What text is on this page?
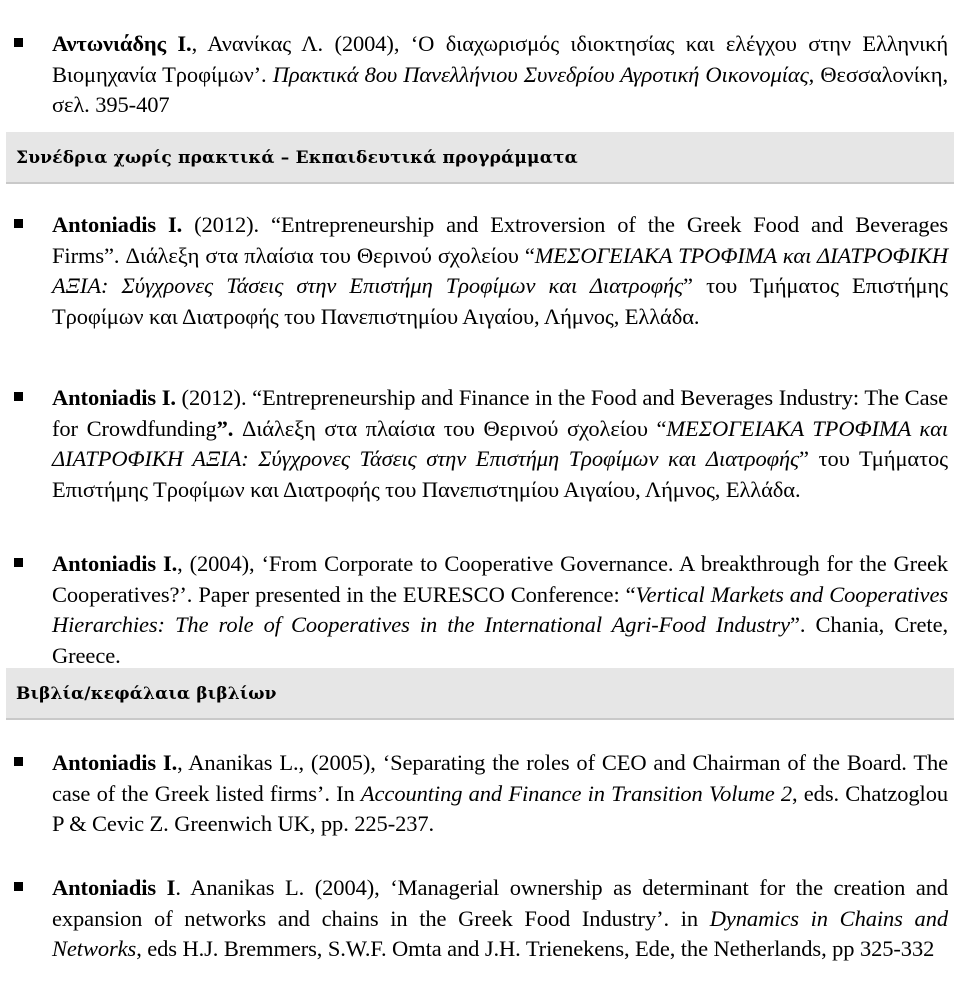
Αντωνιάδης Ι., Ανανίκας Λ. (2004), ‘Ο διαχωρισμός ιδιοκτησίας και ελέγχου στην Ελληνική Βιομηχανία Τροφίμων’. Πρακτικά 8ου Πανελλήνιου Συνεδρίου Αγροτική Οικονομίας, Θεσσαλονίκη, σελ. 395-407
Συνέδρια χωρίς πρακτικά – Εκπαιδευτικά προγράμματα
Antoniadis I. (2012). “Entrepreneurship and Extroversion of the Greek Food and Beverages Firms”. Διάλεξη στα πλαίσια του Θερινού σχολείου “ΜΕΣΟΓΕΙΑΚΑ ΤΡΟΦΙΜΑ και ΔΙΑΤΡΟΦΙΚΗ ΑΞΙΑ: Σύγχρονες Τάσεις στην Επιστήμη Τροφίμων και Διατροφής” του Τμήματος Επιστήμης Τροφίμων και Διατροφής του Πανεπιστημίου Αιγαίου, Λήμνος, Ελλάδα.
Antoniadis I. (2012). “Entrepreneurship and Finance in the Food and Beverages Industry: The Case for Crowdfunding”. Διάλεξη στα πλαίσια του Θερινού σχολείου “ΜΕΣΟΓΕΙΑΚΑ ΤΡΟΦΙΜΑ και ΔΙΑΤΡΟΦΙΚΗ ΑΞΙΑ: Σύγχρονες Τάσεις στην Επιστήμη Τροφίμων και Διατροφής” του Τμήματος Επιστήμης Τροφίμων και Διατροφής του Πανεπιστημίου Αιγαίου, Λήμνος, Ελλάδα.
Antoniadis I., (2004), ‘From Corporate to Cooperative Governance. A breakthrough for the Greek Cooperatives?’. Paper presented in the EURESCO Conference: “Vertical Markets and Cooperatives Hierarchies: The role of Cooperatives in the International Agri-Food Industry”. Chania, Crete, Greece.
Βιβλία/κεφάλαια βιβλίων
Antoniadis I., Ananikas L., (2005), ‘Separating the roles of CEO and Chairman of the Board. The case of the Greek listed firms’. In Accounting and Finance in Transition Volume 2, eds. Chatzoglou P & Cevic Z. Greenwich UK, pp. 225-237.
Antoniadis I. Ananikas L. (2004), ‘Managerial ownership as determinant for the creation and expansion of networks and chains in the Greek Food Industry’. in Dynamics in Chains and Networks, eds H.J. Bremmers, S.W.F. Omta and J.H. Trienekens, Ede, the Netherlands, pp 325-332
